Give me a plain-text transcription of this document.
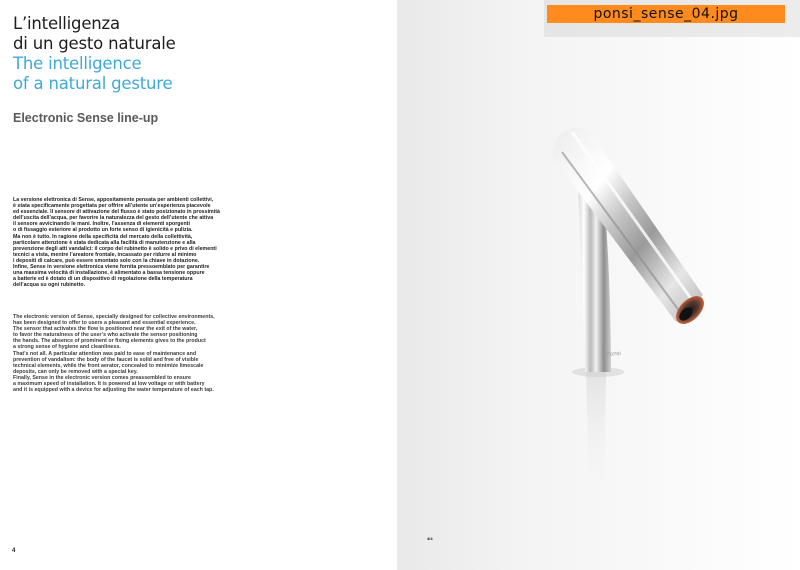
L’intelligenza
di un gesto naturale
The intelligence
of a natural gesture
Electronic Sense line-up
La versione elettronica di Sense, appositamente pensata per ambienti collettivi,
è stata specificamente progettata per offrire all’utente un’esperienza piacevole
ed essenziale. Il sensore di attivazione del flusso è stato posizionato in prossimità
dell’uscita dell’acqua, per favorire la naturalezza del gesto dell’utente che attiva
il sensore avvicinando le mani. Inoltre, l’assenza di elementi sporgenti
o di fissaggio esteriore al prodotto un forte senso di igienicità e pulizia.
Ma non è tutto. In ragione della specificità del mercato della collettività,
particolare attenzione è stata dedicata alla facilità di manutenzione e alla
prevenzione degli atti vandalici: il corpo del rubinetto è solido e privo di elementi
tecnici a vista, mentre l’areatore frontale, incassato per ridurre al minimo
i depositi di calcare, può essere smontato solo con la chiave in dotazione.
Infine, Sense in versione elettronica viene fornita pressoemblato per garantire
una massima velocità di installazione, è alimentato a bassa tensione oppure
a batterie ed è dotato di un dispositivo di regolazione della temperatura
dell’acqua su ogni rubinetto.
The electronic version of Sense, specially designed for collective environments,
has been designed to offer to users a pleasant and essential experience.
The sensor that activates the flow is positioned near the exit of the water,
to favor the naturalness of the user’s who activate the sensor positioning
the hands. The absence of prominent or fixing elements gives to the product
a strong sense of hygiene and cleanliness.
That’s not all. A particular attention was paid to ease of maintenance and
prevention of vandalism: the body of the faucet is solid and free of visible
technical elements, while the front aerator, concealed to minimize limescale
deposits, can only be removed with a special key.
Finally, Sense in the electronic version comes preassembled to ensure
a maximum speed of installation. It is powered at low voltage or with battery
and it is equipped with a device for adjusting the water temperature of each tap.
4
Ponsi
ponsi_sense_04.jpg
4/4
